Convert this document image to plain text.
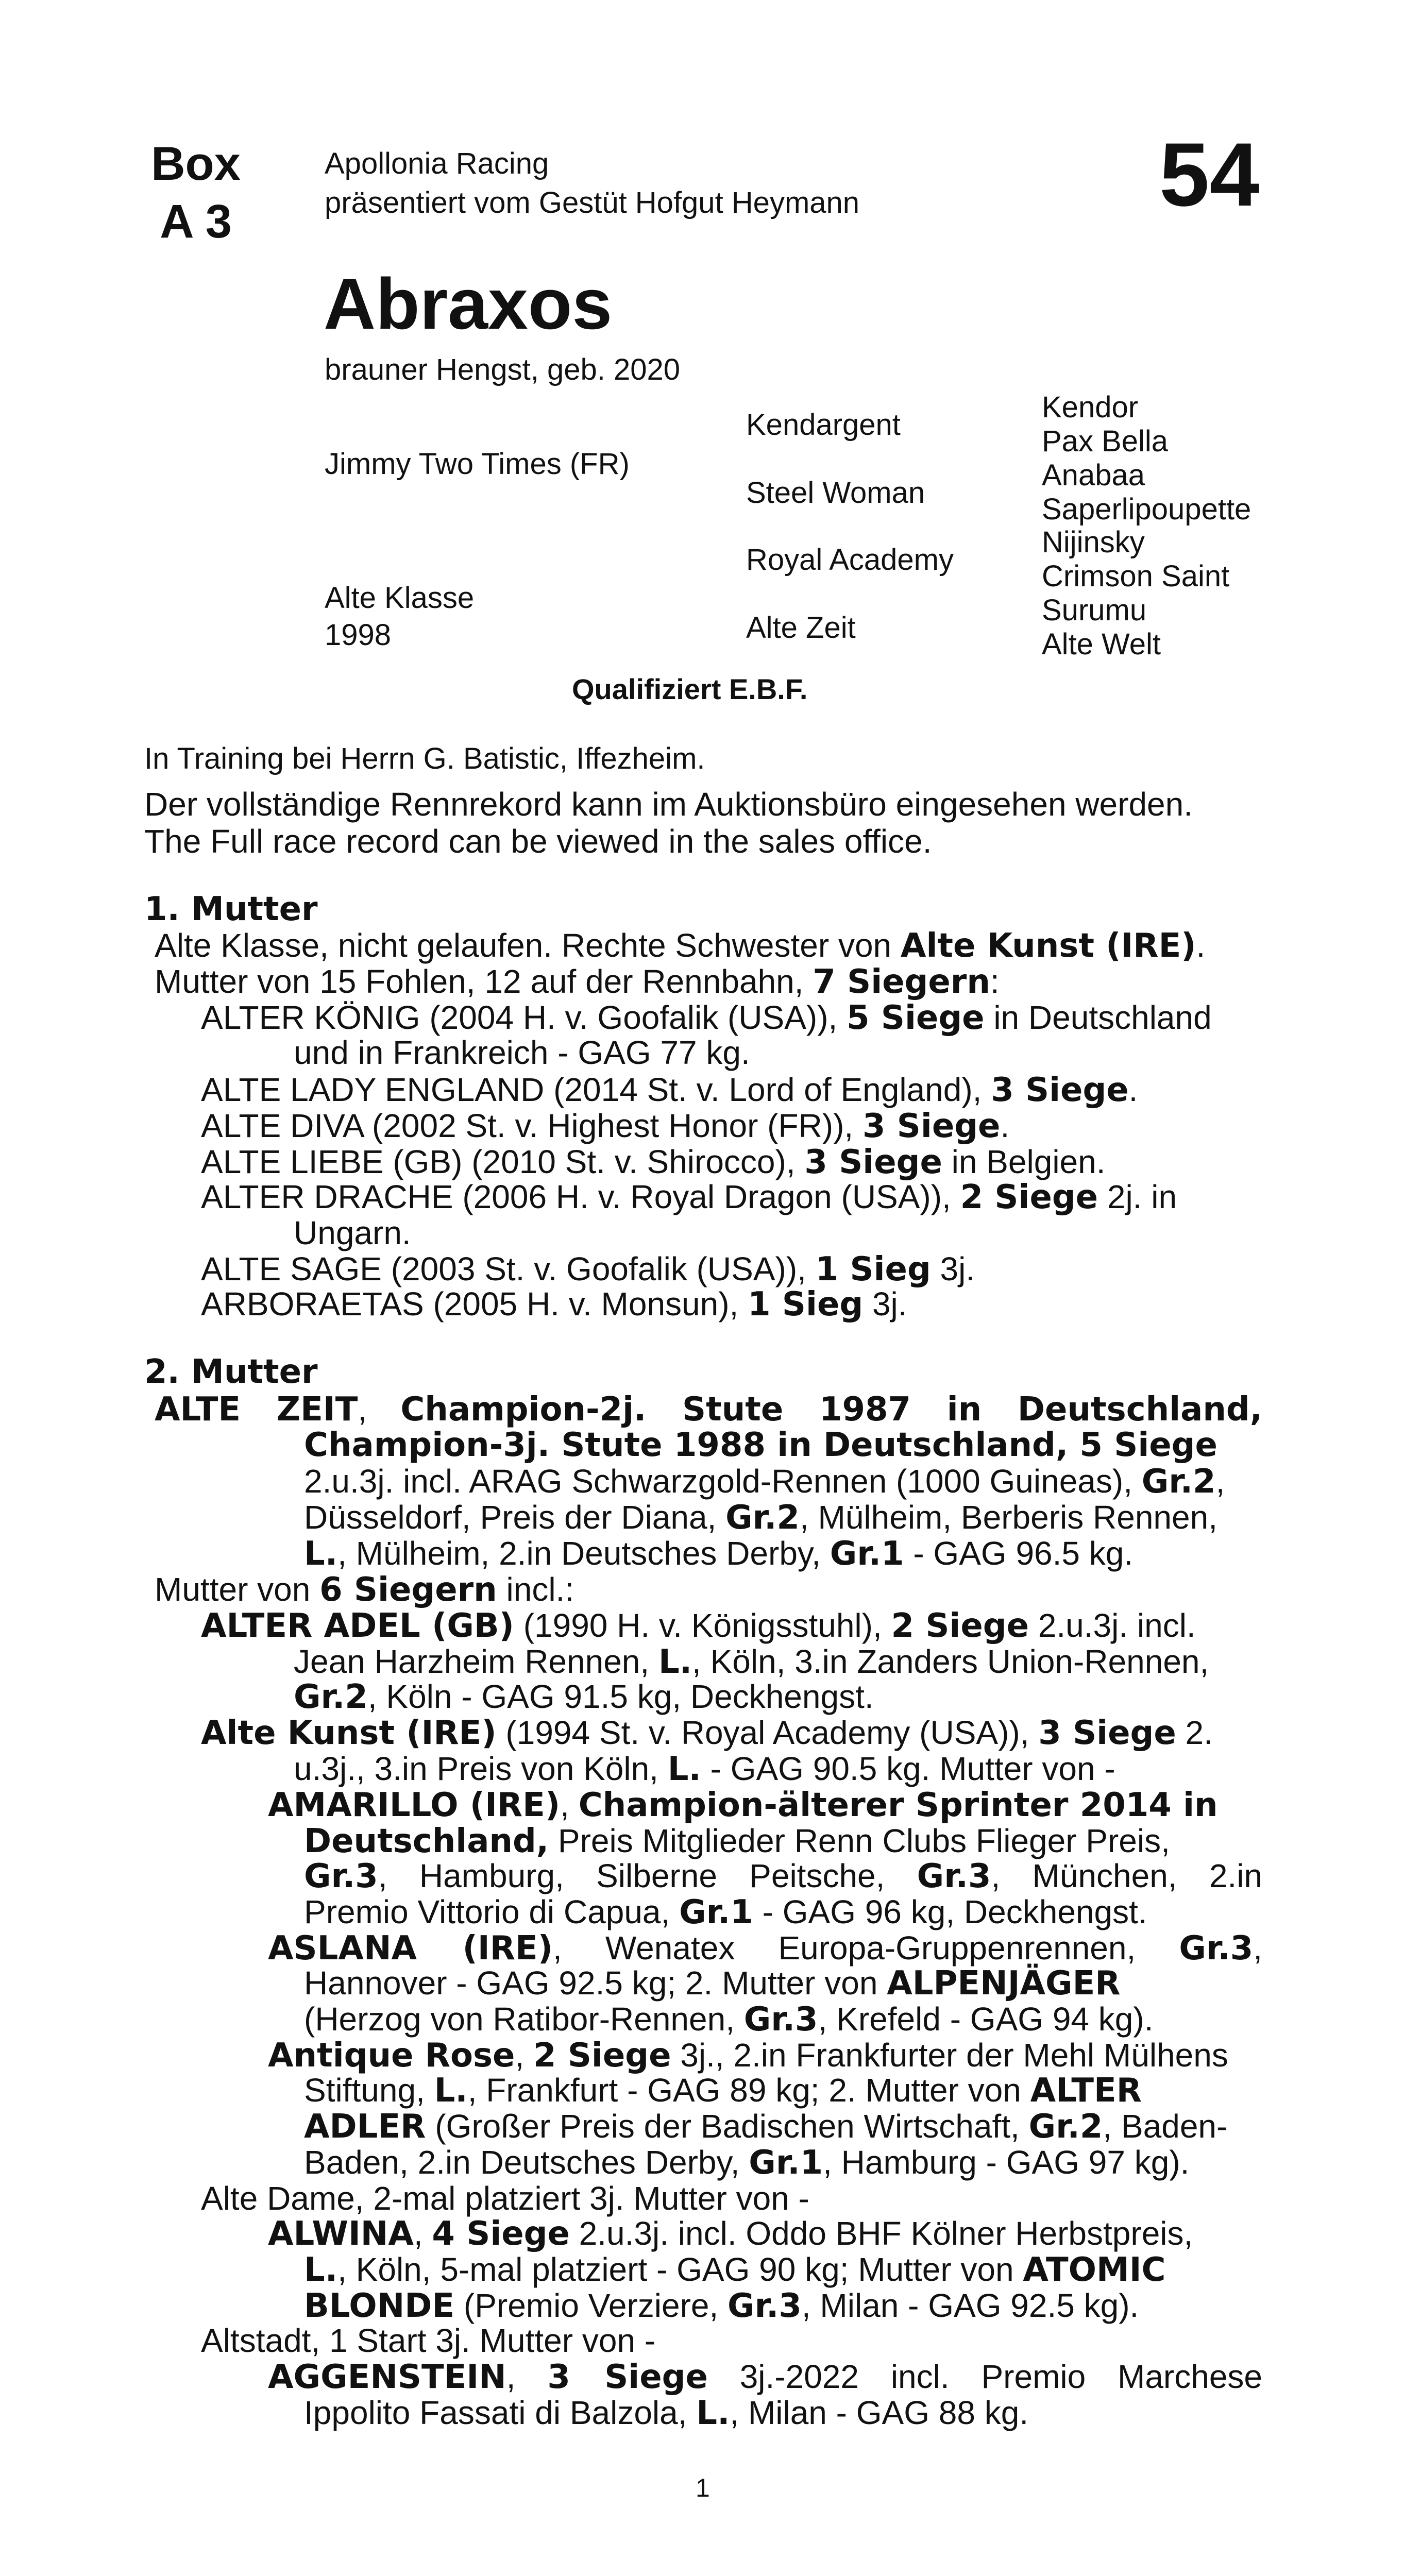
Box
A 3
Apollonia Racing
präsentiert vom Gestüt Hofgut Heymann	54
Abraxos
brauner Hengst, geb. 2020
Jimmy Two Times (FR)
Alte Klasse
1998
Kendargent
Steel Woman
Royal Academy
Alte Zeit
Kendor
Pax Bella
Anabaa
Saperlipoupette
Nijinsky
Crimson Saint
Surumu
Alte Welt
Qualifiziert E.B.F.
In Training bei Herrn G. Batistic, Iffezheim.
Der vollständige Rennrekord kann im Auktionsbüro eingesehen werden.
The Full race record can be viewed in the sales office.
1. Mutter
Alte Klasse, nicht gelaufen. Rechte Schwester von Alte Kunst (IRE).
Mutter von 15 Fohlen, 12 auf der Rennbahn, 7 Siegern:
ALTER KÖNIG (2004 H. v. Goofalik (USA)), 5 Siege in Deutschland
und in Frankreich - GAG 77 kg.
ALTE LADY ENGLAND (2014 St. v. Lord of England), 3 Siege.
ALTE DIVA (2002 St. v. Highest Honor (FR)), 3 Siege.
ALTE LIEBE (GB) (2010 St. v. Shirocco), 3 Siege in Belgien.
ALTER DRACHE (2006 H. v. Royal Dragon (USA)), 2 Siege 2j. in
Ungarn.
ALTE SAGE (2003 St. v. Goofalik (USA)), 1 Sieg 3j.
ARBORAETAS (2005 H. v. Monsun), 1 Sieg 3j.
2. Mutter
ALTE ZEIT, Champion-2j. Stute 1987 in Deutschland,
Champion-3j. Stute 1988 in Deutschland, 5 Siege
2.u.3j. incl. ARAG Schwarzgold-Rennen (1000 Guineas), Gr.2,
Düsseldorf, Preis der Diana, Gr.2, Mülheim, Berberis Rennen,
L., Mülheim, 2.in Deutsches Derby, Gr.1 - GAG 96.5 kg.
Mutter von 6 Siegern incl.:
ALTER ADEL (GB) (1990 H. v. Königsstuhl), 2 Siege 2.u.3j. incl.
Jean Harzheim Rennen, L., Köln, 3.in Zanders Union-Rennen,
Gr.2, Köln - GAG 91.5 kg, Deckhengst.
Alte Kunst (IRE) (1994 St. v. Royal Academy (USA)), 3 Siege 2.
u.3j., 3.in Preis von Köln, L. - GAG 90.5 kg. Mutter von -
AMARILLO (IRE), Champion-älterer Sprinter 2014 in
Deutschland, Preis Mitglieder Renn Clubs Flieger Preis,
Gr.3, Hamburg, Silberne Peitsche, Gr.3, München, 2.in
Premio Vittorio di Capua, Gr.1 - GAG 96 kg, Deckhengst.
ASLANA (IRE), Wenatex Europa-Gruppenrennen, Gr.3,
Hannover - GAG 92.5 kg; 2. Mutter von ALPENJÄGER
(Herzog von Ratibor-Rennen, Gr.3, Krefeld - GAG 94 kg).
Antique Rose, 2 Siege 3j., 2.in Frankfurter der Mehl Mülhens
Stiftung, L., Frankfurt - GAG 89 kg; 2. Mutter von ALTER
ADLER (Großer Preis der Badischen Wirtschaft, Gr.2, Baden-
Baden, 2.in Deutsches Derby, Gr.1, Hamburg - GAG 97 kg).
Alte Dame, 2-mal platziert 3j. Mutter von -
ALWINA, 4 Siege 2.u.3j. incl. Oddo BHF Kölner Herbstpreis,
L., Köln, 5-mal platziert - GAG 90 kg; Mutter von ATOMIC
BLONDE (Premio Verziere, Gr.3, Milan - GAG 92.5 kg).
Altstadt, 1 Start 3j. Mutter von -
AGGENSTEIN, 3 Siege 3j.-2022 incl. Premio Marchese
Ippolito Fassati di Balzola, L., Milan - GAG 88 kg.
1
